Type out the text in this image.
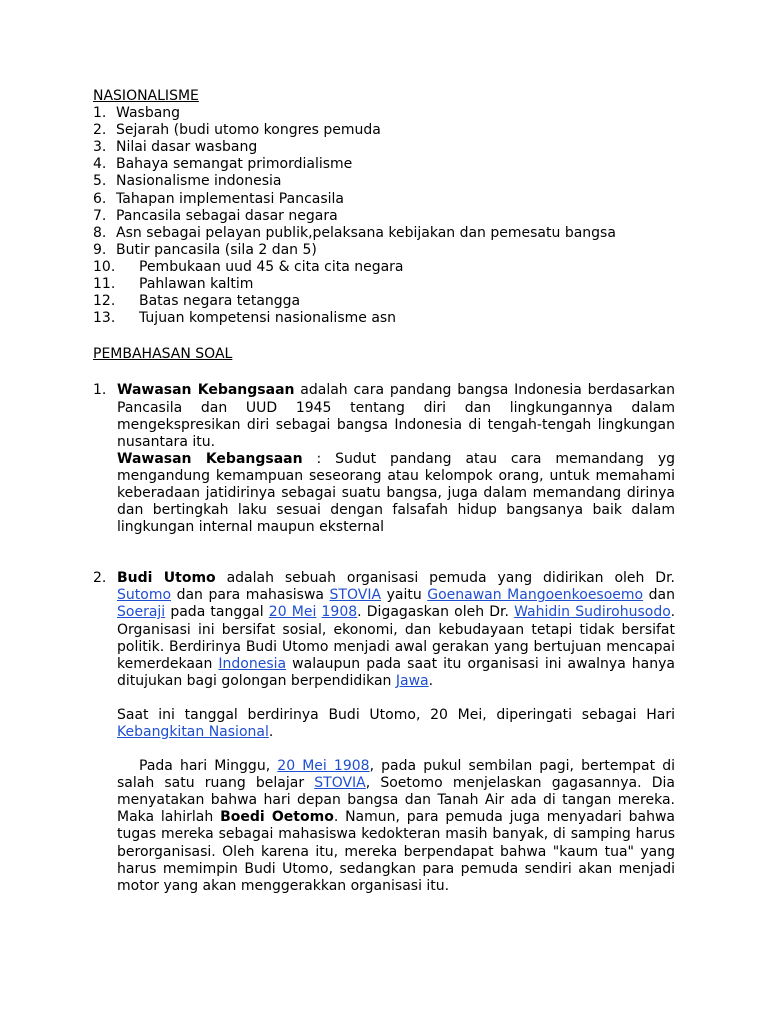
NASIONALISME
1. Wasbang
2. Sejarah (budi utomo kongres pemuda
3. Nilai dasar wasbang
4. Bahaya semangat primordialisme
5. Nasionalisme indonesia
6. Tahapan implementasi Pancasila
7. Pancasila sebagai dasar negara
8. Asn sebagai pelayan publik,pelaksana kebijakan dan pemesatu bangsa
9. Butir pancasila (sila 2 dan 5)
10.	Pembukaan uud 45 & cita cita negara
11.	Pahlawan kaltim
12.	Batas negara tetangga
13.	Tujuan kompetensi nasionalisme asn
PEMBAHASAN SOAL
1. Wawasan Kebangsaan adalah cara pandang bangsa Indonesia berdasarkan Pancasila dan UUD 1945 tentang diri dan lingkungannya dalam mengekspresikan diri sebagai bangsa Indonesia di tengah-tengah lingkungan nusantara itu.

Wawasan Kebangsaan : Sudut pandang atau cara memandang yg mengandung kemampuan seseorang atau kelompok orang, untuk memahami keberadaan jatidirinya sebagai suatu bangsa, juga dalam memandang dirinya dan bertingkah laku sesuai dengan falsafah hidup bangsanya baik dalam lingkungan internal maupun eksternal

2. Budi Utomo adalah sebuah organisasi pemuda yang didirikan oleh Dr. Sutomo dan para mahasiswa STOVIA yaitu Goenawan Mangoenkoesoemo dan Soeraji pada tanggal 20 Mei 1908. Digagaskan oleh Dr. Wahidin Sudirohusodo. Organisasi ini bersifat sosial, ekonomi, dan kebudayaan tetapi tidak bersifat politik. Berdirinya Budi Utomo menjadi awal gerakan yang bertujuan mencapai kemerdekaan Indonesia walaupun pada saat itu organisasi ini awalnya hanya ditujukan bagi golongan berpendidikan Jawa.

Saat ini tanggal berdirinya Budi Utomo, 20 Mei, diperingati sebagai Hari Kebangkitan Nasional.

Pada hari Minggu, 20 Mei 1908, pada pukul sembilan pagi, bertempat di salah satu ruang belajar STOVIA, Soetomo menjelaskan gagasannya. Dia menyatakan bahwa hari depan bangsa dan Tanah Air ada di tangan mereka. Maka lahirlah Boedi Oetomo. Namun, para pemuda juga menyadari bahwa tugas mereka sebagai mahasiswa kedokteran masih banyak, di samping harus berorganisasi. Oleh karena itu, mereka berpendapat bahwa "kaum tua" yang harus memimpin Budi Utomo, sedangkan para pemuda sendiri akan menjadi motor yang akan menggerakkan organisasi itu.
